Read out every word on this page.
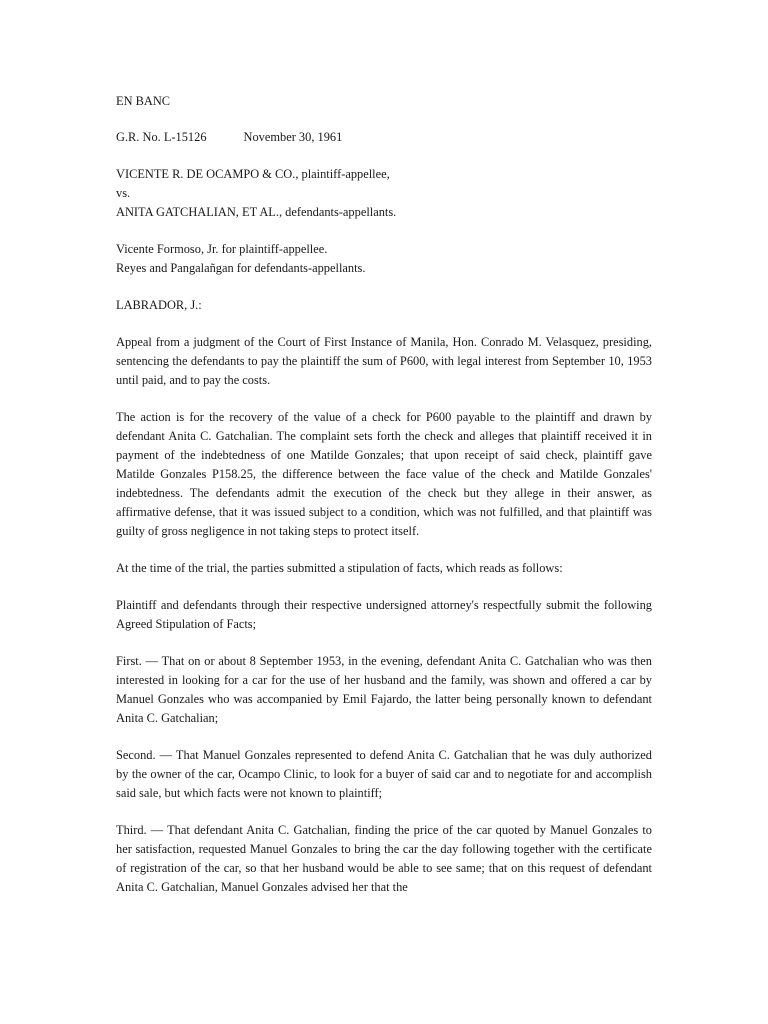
EN BANC
G.R. No. L-15126	November 30, 1961
VICENTE R. DE OCAMPO & CO., plaintiff-appellee,
vs.
ANITA GATCHALIAN, ET AL., defendants-appellants.
Vicente Formoso, Jr. for plaintiff-appellee.
Reyes and Pangalañgan for defendants-appellants.
LABRADOR, J.:

Appeal from a judgment of the Court of First Instance of Manila, Hon. Conrado M. Velasquez, presiding, sentencing the defendants to pay the plaintiff the sum of P600, with legal interest from September 10, 1953 until paid, and to pay the costs.

The action is for the recovery of the value of a check for P600 payable to the plaintiff and drawn by defendant Anita C. Gatchalian. The complaint sets forth the check and alleges that plaintiff received it in payment of the indebtedness of one Matilde Gonzales; that upon receipt of said check, plaintiff gave Matilde Gonzales P158.25, the difference between the face value of the check and Matilde Gonzales' indebtedness. The defendants admit the execution of the check but they allege in their answer, as affirmative defense, that it was issued subject to a condition, which was not fulfilled, and that plaintiff was guilty of gross negligence in not taking steps to protect itself.

At the time of the trial, the parties submitted a stipulation of facts, which reads as follows:

Plaintiff and defendants through their respective undersigned attorney's respectfully submit the following Agreed Stipulation of Facts;

First. — That on or about 8 September 1953, in the evening, defendant Anita C. Gatchalian who was then interested in looking for a car for the use of her husband and the family, was shown and offered a car by Manuel Gonzales who was accompanied by Emil Fajardo, the latter being personally known to defendant Anita C. Gatchalian;

Second. — That Manuel Gonzales represented to defend Anita C. Gatchalian that he was duly authorized by the owner of the car, Ocampo Clinic, to look for a buyer of said car and to negotiate for and accomplish said sale, but which facts were not known to plaintiff;

Third. — That defendant Anita C. Gatchalian, finding the price of the car quoted by Manuel Gonzales to her satisfaction, requested Manuel Gonzales to bring the car the day following together with the certificate of registration of the car, so that her husband would be able to see same; that on this request of defendant Anita C. Gatchalian, Manuel Gonzales advised her that the
